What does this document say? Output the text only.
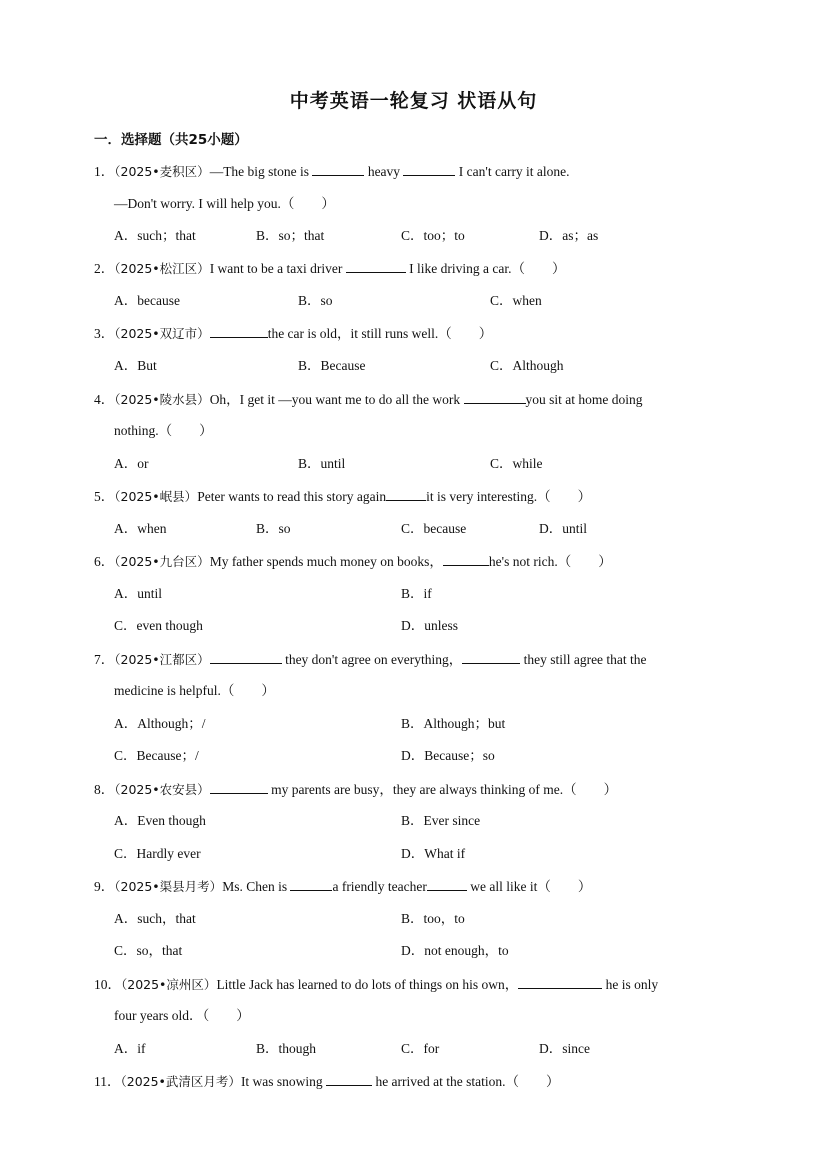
中考英语一轮复习 状语从句
一．选择题（共25小题）
1．（2025•麦积区）—The big stone is	heavy	I can't carry it alone.
—Don't worry. I will help you.（　　）
A．such；that	B．so；that	C．too；to	D．as；as
2．（2025•松江区）I want to be a taxi driver	I like driving a car.（　　）
A．because	B．so	C．when
3．（2025•双辽市）	the car is old，it still runs well.（　　）
A．But	B．Because	C．Although
4．（2025•陵水县）Oh，I get it —you want me to do all the work	you sit at home doing
nothing.（　　）
A．or	B．until	C．while
5．（2025•岷县）Peter wants to read this story again	it is very interesting.（　　）
A．when	B．so	C．because	D．until
6．（2025•九台区）My father spends much money on books，	he's not rich.（　　）
A．until	B．if
C．even though	D．unless
7．（2025•江都区）	they don't agree on everything，	they still agree that the
medicine is helpful.（　　）
A．Although；/	B．Although；but
C．Because；/	D．Because；so
8．（2025•农安县）	my parents are busy，they are always thinking of me.（　　）
A．Even though	B．Ever since
C．Hardly ever	D．What if
9．（2025•渠县月考）Ms. Chen is	a friendly teacher	we all like it（　　）
A．such，that	B．too，to
C．so，that	D．not enough，to
10．（2025•凉州区）Little Jack has learned to do lots of things on his own，	he is only
four years old．（　　）
A．if	B．though	C．for	D．since
11．（2025•武清区月考）It was snowing	he arrived at the station.（　　）
